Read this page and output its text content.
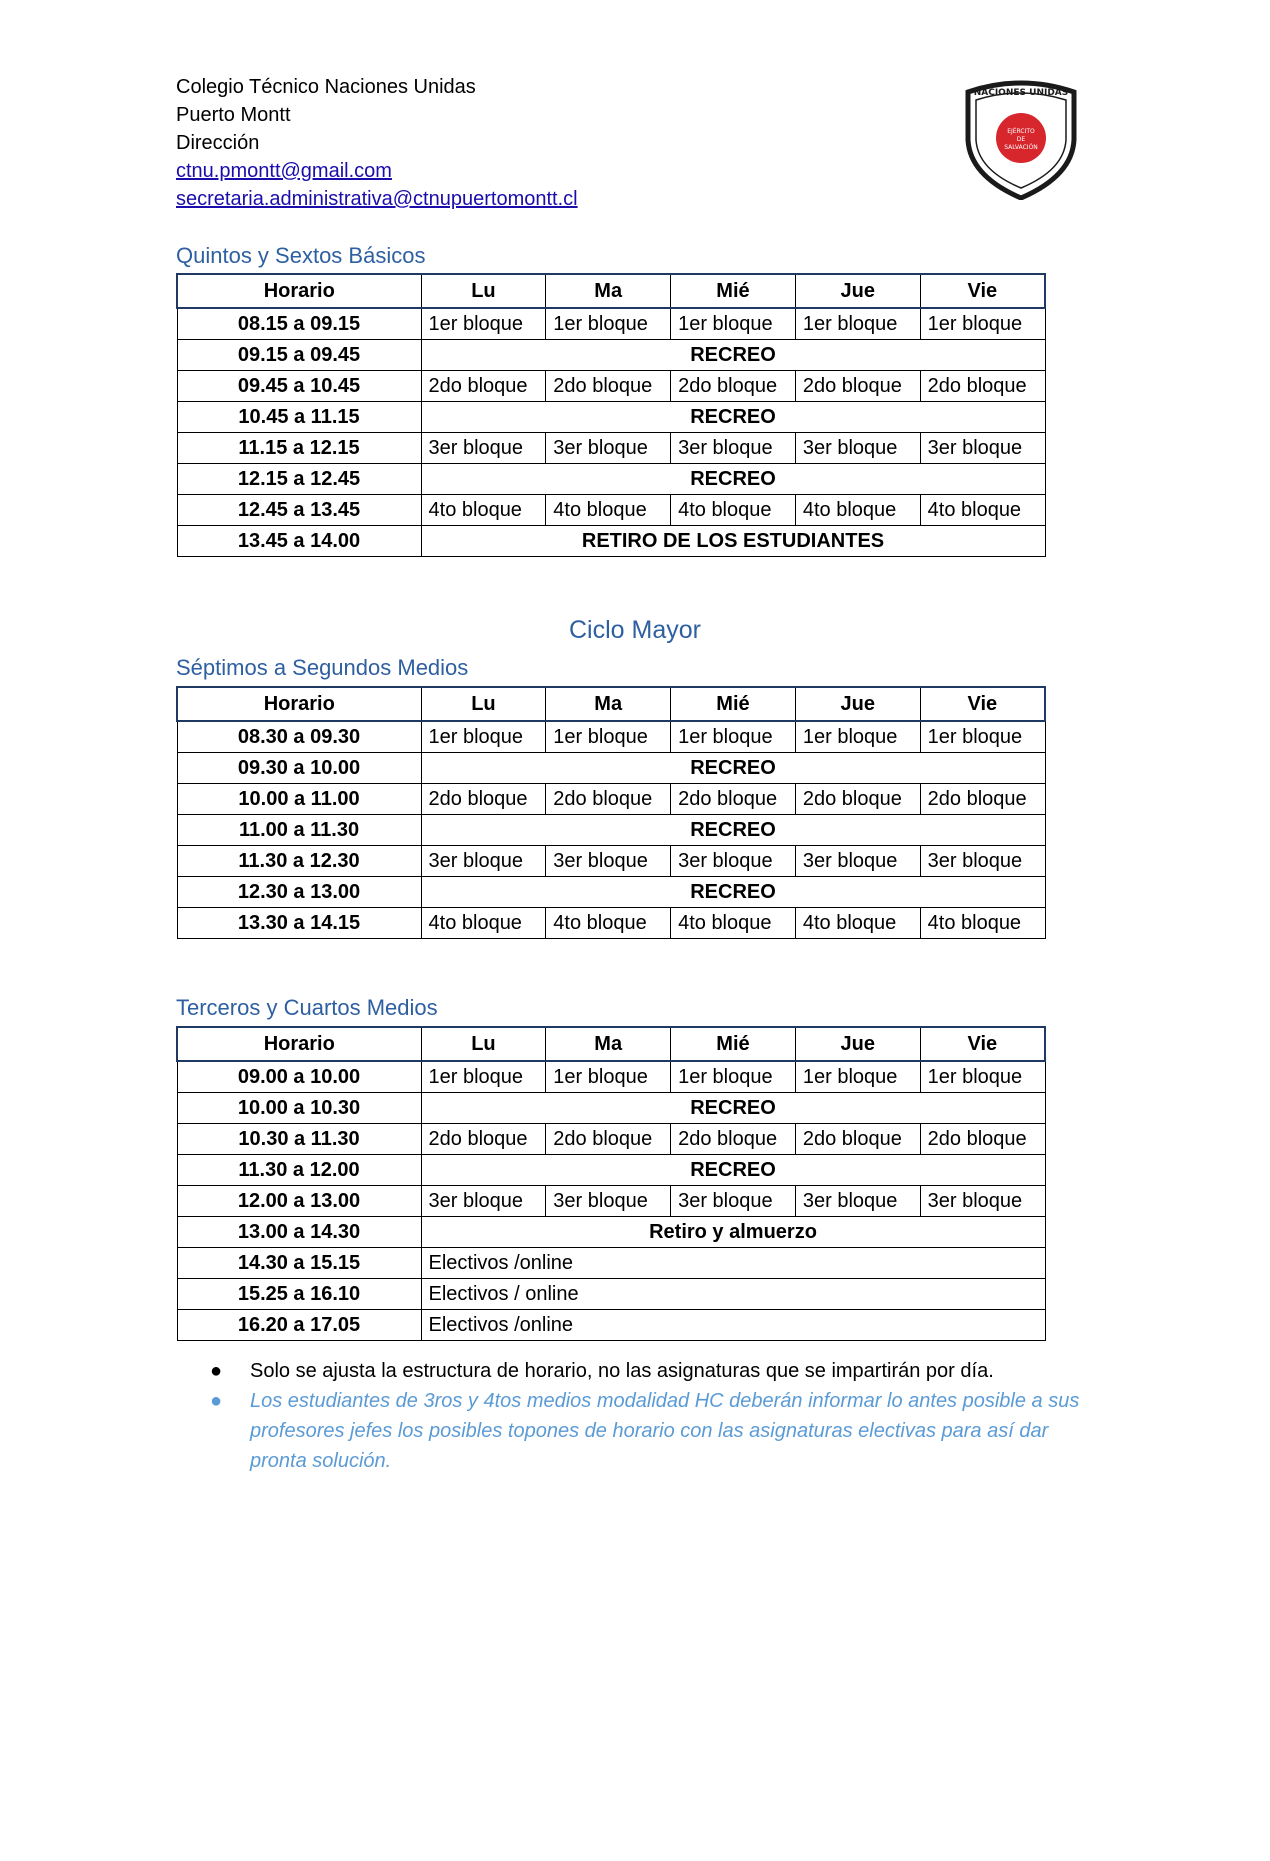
Colegio Técnico Naciones Unidas
Puerto Montt
Dirección
ctnu.pmontt@gmail.com
secretaria.administrativa@ctnupuertomontt.cl
NACIONES UNIDAS
EJÉRCITO
DE
SALVACIÓN
Quintos y Sextos Básicos
Horario	Lu	Ma	Mié	Jue	Vie
08.15 a 09.15	1er bloque	1er bloque	1er bloque	1er bloque	1er bloque
09.15 a 09.45	RECREO				
09.45 a 10.45	2do bloque	2do bloque	2do bloque	2do bloque	2do bloque
10.45 a 11.15	RECREO				
11.15 a 12.15	3er bloque	3er bloque	3er bloque	3er bloque	3er bloque
12.15 a 12.45	RECREO				
12.45 a 13.45	4to bloque	4to bloque	4to bloque	4to bloque	4to bloque
13.45 a 14.00	RETIRO DE LOS ESTUDIANTES				
Ciclo Mayor
Séptimos a Segundos Medios
Horario	Lu	Ma	Mié	Jue	Vie
08.30 a 09.30	1er bloque	1er bloque	1er bloque	1er bloque	1er bloque
09.30 a 10.00	RECREO				
10.00 a 11.00	2do bloque	2do bloque	2do bloque	2do bloque	2do bloque
11.00 a 11.30	RECREO				
11.30 a 12.30	3er bloque	3er bloque	3er bloque	3er bloque	3er bloque
12.30 a 13.00	RECREO				
13.30 a 14.15	4to bloque	4to bloque	4to bloque	4to bloque	4to bloque
Terceros y Cuartos Medios
Horario	Lu	Ma	Mié	Jue	Vie
09.00 a 10.00	1er bloque	1er bloque	1er bloque	1er bloque	1er bloque
10.00 a 10.30	RECREO				
10.30 a 11.30	2do bloque	2do bloque	2do bloque	2do bloque	2do bloque
11.30 a 12.00	RECREO				
12.00 a 13.00	3er bloque	3er bloque	3er bloque	3er bloque	3er bloque
13.00 a 14.30	Retiro y almuerzo				
14.30 a 15.15	Electivos /online				
15.25 a 16.10	Electivos / online				
16.20 a 17.05	Electivos /online				
● Solo se ajusta la estructura de horario, no las asignaturas que se impartirán por día.
● Los estudiantes de 3ros y 4tos medios modalidad HC deberán informar lo antes posible a sus profesores jefes los posibles topones de horario con las asignaturas electivas para así dar pronta solución.
